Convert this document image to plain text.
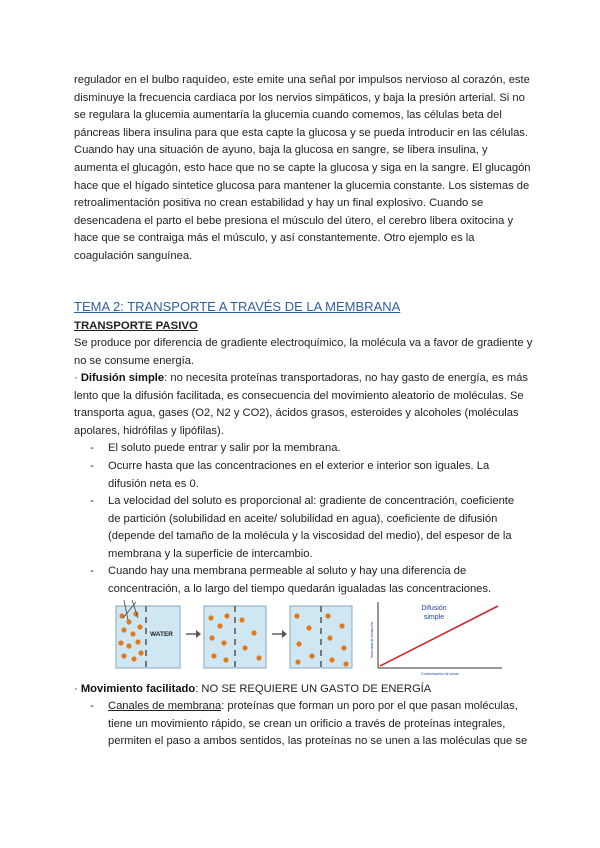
regulador en el bulbo raquídeo, este emite una señal por impulsos nervioso al corazón, este disminuye la frecuencia cardiaca por los nervios simpáticos, y baja la presión arterial. Si no se regulara la glucemia aumentaría la glucemia cuando comemos, las células beta del páncreas libera insulina para que esta capte la glucosa y se pueda introducir en las células. Cuando hay una situación de ayuno, baja la glucosa en sangre, se libera insulina, y aumenta el glucagón, esto hace que no se capte la glucosa y siga en la sangre. El glucagón hace que el hígado sintetice glucosa para mantener la glucemia constante. Los sistemas de retroalimentación positiva no crean estabilidad y hay un final explosivo. Cuando se desencadena el parto el bebe presiona el músculo del útero, el cerebro libera oxitocina y hace que se contraiga más el músculo, y así constantemente. Otro ejemplo es la coagulación sanguínea.

TEMA 2: TRANSPORTE A TRAVÉS DE LA MEMBRANA

TRANSPORTE PASIVO

Se produce por diferencia de gradiente electroquímico, la molécula va a favor de gradiente y no se consume energía.

· Difusión simple: no necesita proteínas transportadoras, no hay gasto de energía, es más lento que la difusión facilitada, es consecuencia del movimiento aleatorio de moléculas. Se transporta agua, gases (O2, N2 y CO2), ácidos grasos, esteroides y alcoholes (moléculas apolares, hidrófilas y lipófilas).

- El soluto puede entrar y salir por la membrana.

- Ocurre hasta que las concentraciones en el exterior e interior son iguales. La difusión neta es 0.

- La velocidad del soluto es proporcional al: gradiente de concentración, coeficiente de partición (solubilidad en aceite/ solubilidad en agua), coeficiente de difusión (depende del tamaño de la molécula y la viscosidad del medio), del espesor de la membrana y la superficie de intercambio.

- Cuando hay una membrana permeable al soluto y hay una diferencia de concentración, a lo largo del tiempo quedarán igualadas las concentraciones.

WATER
Difusión
simple
Velocidad de transporte
Concentración de soluto

· Movimiento facilitado: NO SE REQUIERE UN GASTO DE ENERGÍA

- Canales de membrana: proteínas que forman un poro por el que pasan moléculas, tiene un movimiento rápido, se crean un orificio a través de proteínas integrales, permiten el paso a ambos sentidos, las proteínas no se unen a las moléculas que se
